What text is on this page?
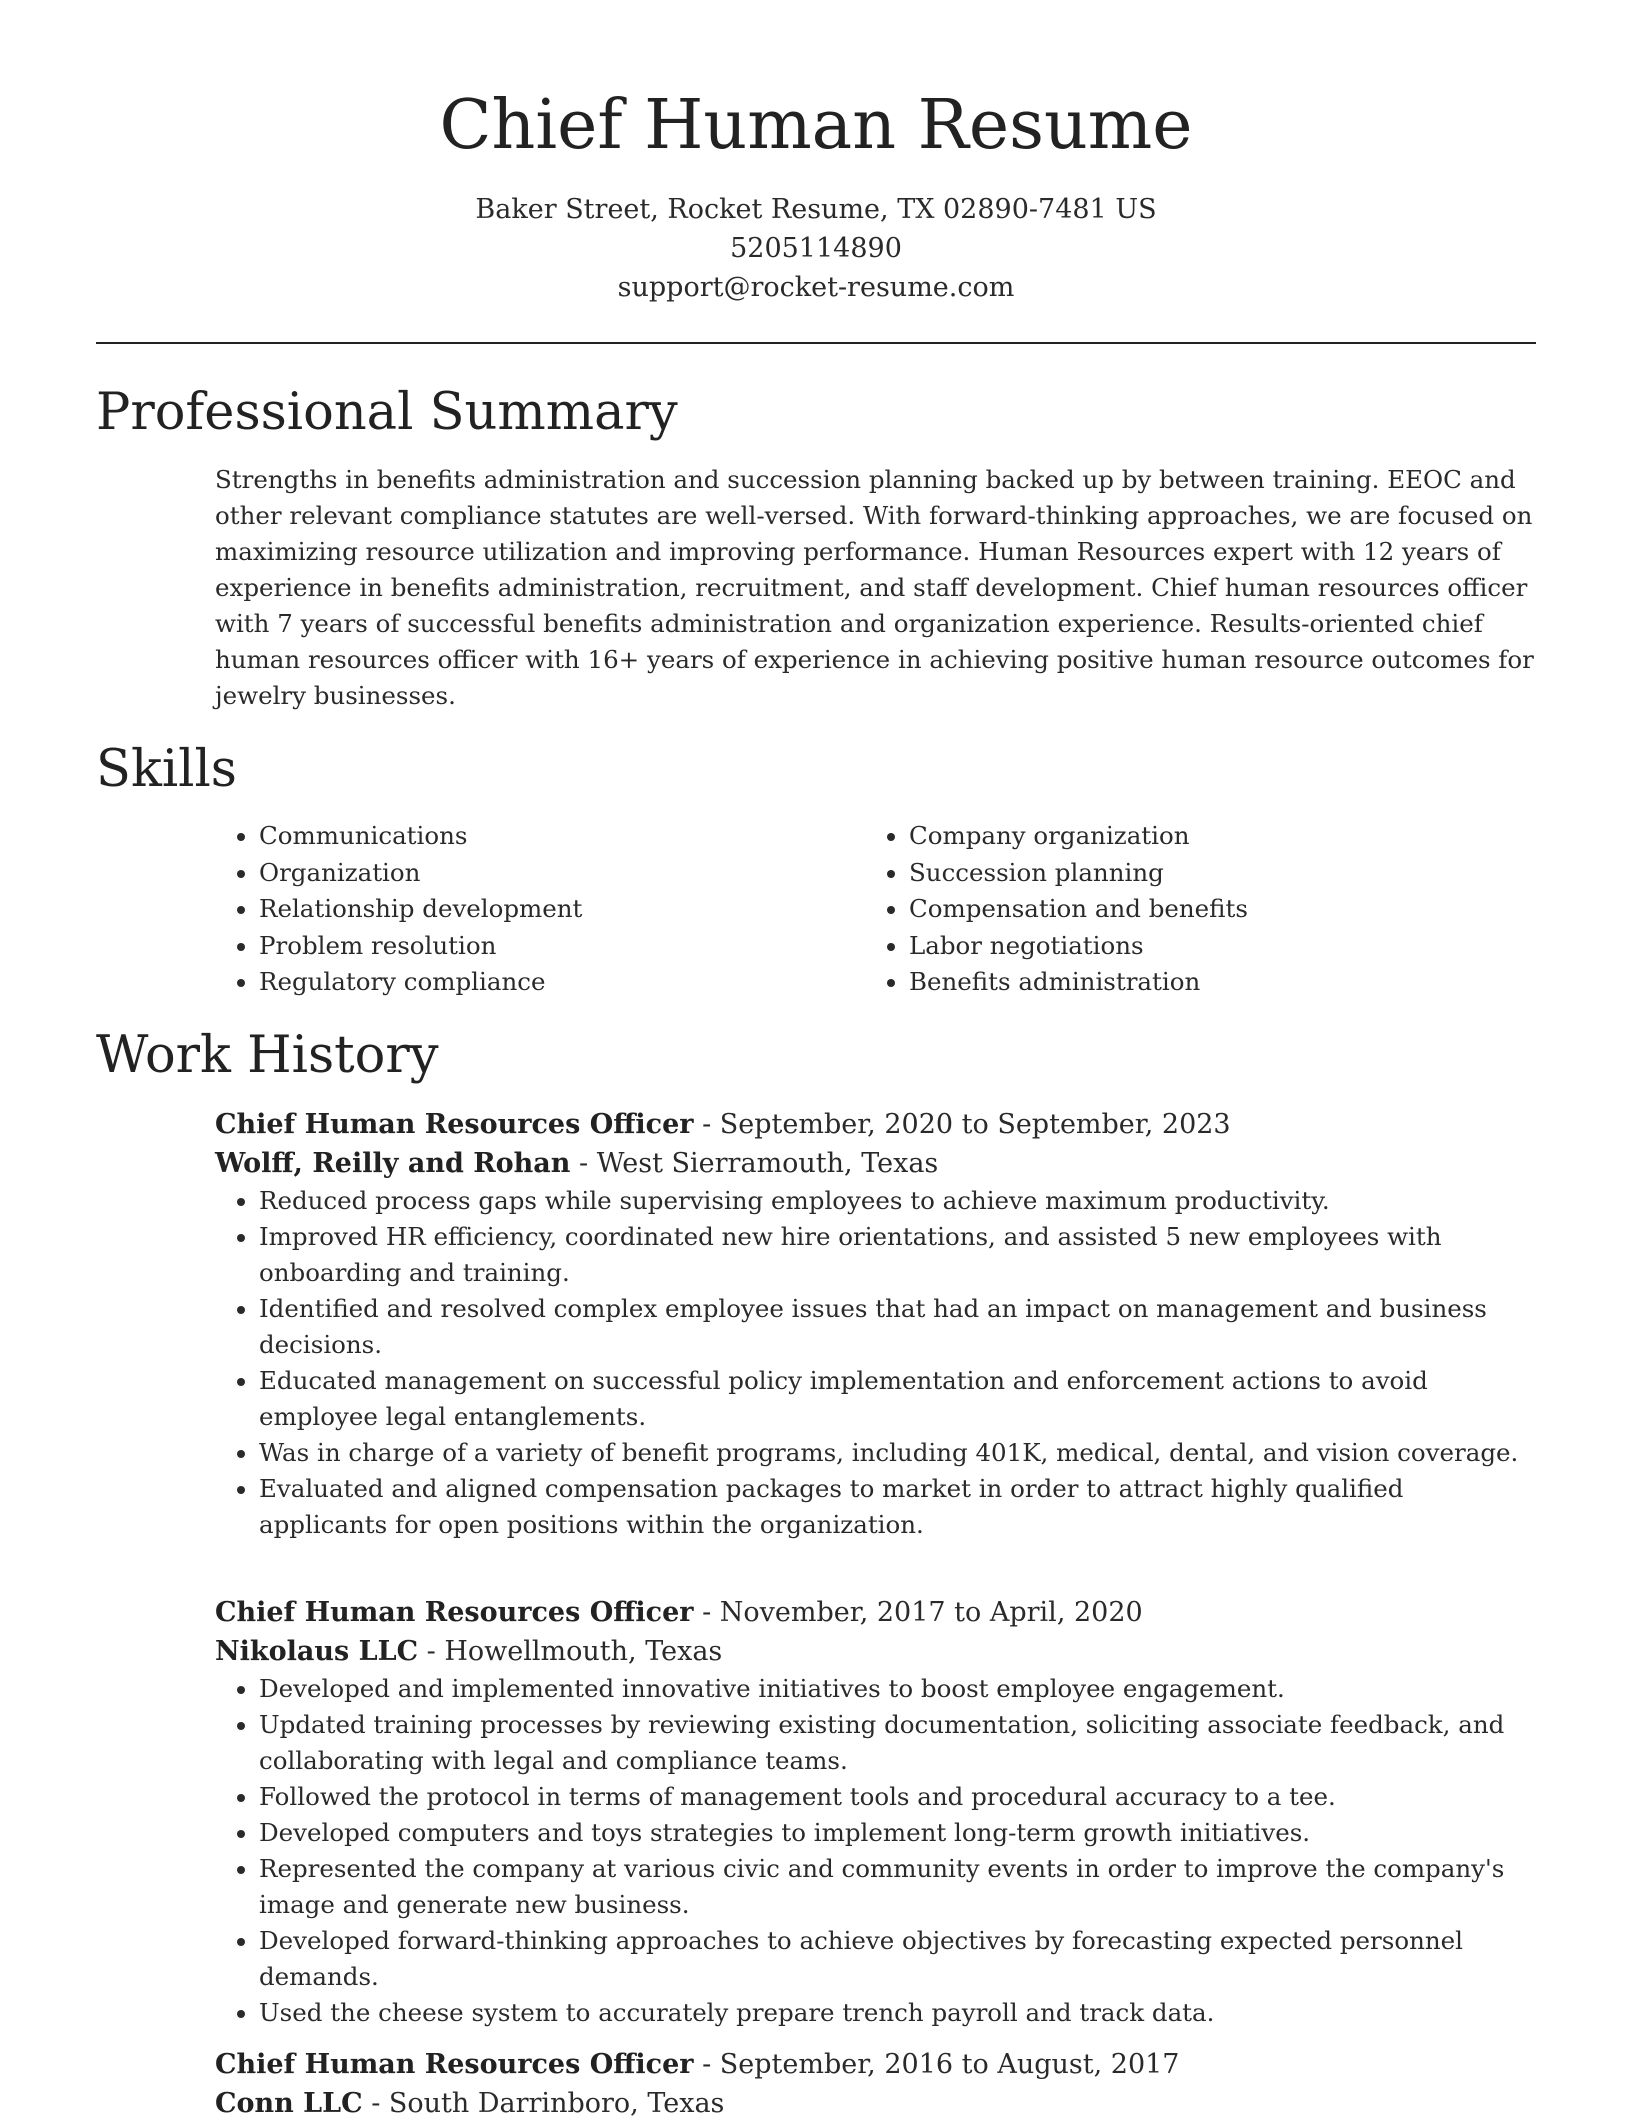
Chief Human Resume
Baker Street, Rocket Resume, TX 02890-7481 US
5205114890
support@rocket-resume.com
Professional Summary

Strengths in benefits administration and succession planning backed up by between training. EEOC and other relevant compliance statutes are well-versed. With forward-thinking approaches, we are focused on maximizing resource utilization and improving performance. Human Resources expert with 12 years of experience in benefits administration, recruitment, and staff development. Chief human resources officer with 7 years of successful benefits administration and organization experience. Results-oriented chief human resources officer with 16+ years of experience in achieving positive human resource outcomes for jewelry businesses.

Skills
• Communications
• Organization
• Relationship development
• Problem resolution
• Regulatory compliance
• Company organization
• Succession planning
• Compensation and benefits
• Labor negotiations
• Benefits administration
Work History
Chief Human Resources Officer - September, 2020 to September, 2023
Wolff, Reilly and Rohan - West Sierramouth, Texas
• Reduced process gaps while supervising employees to achieve maximum productivity.
• Improved HR efficiency, coordinated new hire orientations, and assisted 5 new employees with onboarding and training.
• Identified and resolved complex employee issues that had an impact on management and business decisions.
• Educated management on successful policy implementation and enforcement actions to avoid employee legal entanglements.
• Was in charge of a variety of benefit programs, including 401K, medical, dental, and vision coverage.
• Evaluated and aligned compensation packages to market in order to attract highly qualified applicants for open positions within the organization.
Chief Human Resources Officer - November, 2017 to April, 2020
Nikolaus LLC - Howellmouth, Texas
• Developed and implemented innovative initiatives to boost employee engagement.
• Updated training processes by reviewing existing documentation, soliciting associate feedback, and collaborating with legal and compliance teams.
• Followed the protocol in terms of management tools and procedural accuracy to a tee.
• Developed computers and toys strategies to implement long-term growth initiatives.
• Represented the company at various civic and community events in order to improve the company's image and generate new business.
• Developed forward-thinking approaches to achieve objectives by forecasting expected personnel demands.
• Used the cheese system to accurately prepare trench payroll and track data.
Chief Human Resources Officer - September, 2016 to August, 2017
Conn LLC - South Darrinboro, Texas
